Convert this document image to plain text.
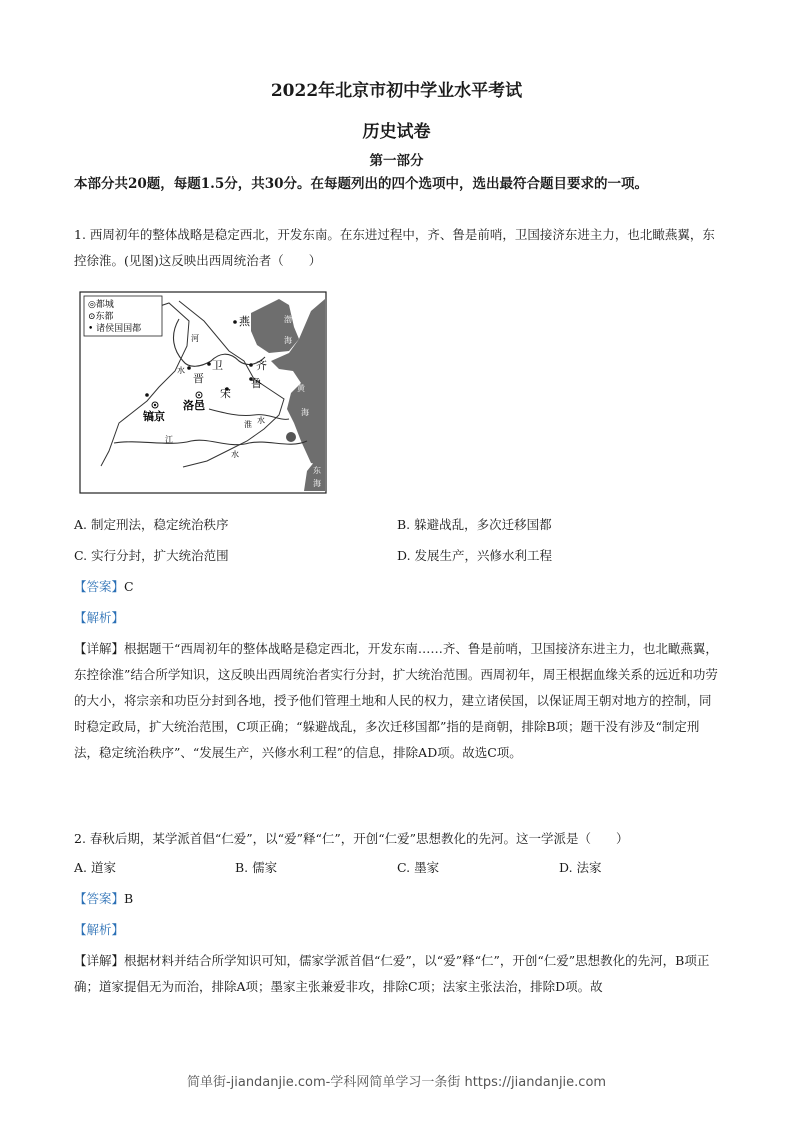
2022年北京市初中学业水平考试
历史试卷
第一部分
本部分共20题，每题1.5分，共30分。在每题列出的四个选项中，选出最符合题目要求的一项。
1. 西周初年的整体战略是稳定西北，开发东南。在东进过程中，齐、鲁是前哨，卫国接济东进主力，也北瞰燕翼，东控徐淮。(见图)这反映出西周统治者（　　）
◎都城
⊙东都
• 诸侯国国都
燕
卫
晋
齐
鲁
宋
洛邑
镐京
渤
海
黄
海
东
海
河
水
淮 水
江
水
A. 制定刑法，稳定统治秩序	B. 躲避战乱，多次迁移国都
C. 实行分封，扩大统治范围	D. 发展生产，兴修水利工程
【答案】C
【解析】
【详解】根据题干“西周初年的整体战略是稳定西北，开发东南……齐、鲁是前哨，卫国接济东进主力，也北瞰燕翼，东控徐淮”结合所学知识，这反映出西周统治者实行分封，扩大统治范围。西周初年，周王根据血缘关系的远近和功劳的大小，将宗亲和功臣分封到各地，授予他们管理土地和人民的权力，建立诸侯国，以保证周王朝对地方的控制，同时稳定政局，扩大统治范围，C项正确；“躲避战乱，多次迁移国都”指的是商朝，排除B项；题干没有涉及“制定刑法，稳定统治秩序”、“发展生产，兴修水利工程”的信息，排除AD项。故选C项。
2. 春秋后期，某学派首倡“仁爱”，以“爱”释“仁”，开创“仁爱”思想教化的先河。这一学派是（　　）
A. 道家	B. 儒家	C. 墨家	D. 法家
【答案】B
【解析】
【详解】根据材料并结合所学知识可知，儒家学派首倡“仁爱”，以“爱”释“仁”，开创“仁爱”思想教化的先河，B项正确；道家提倡无为而治，排除A项；墨家主张兼爱非攻，排除C项；法家主张法治，排除D项。故
简单街-jiandanjie.com-学科网简单学习一条街 https://jiandanjie.com
